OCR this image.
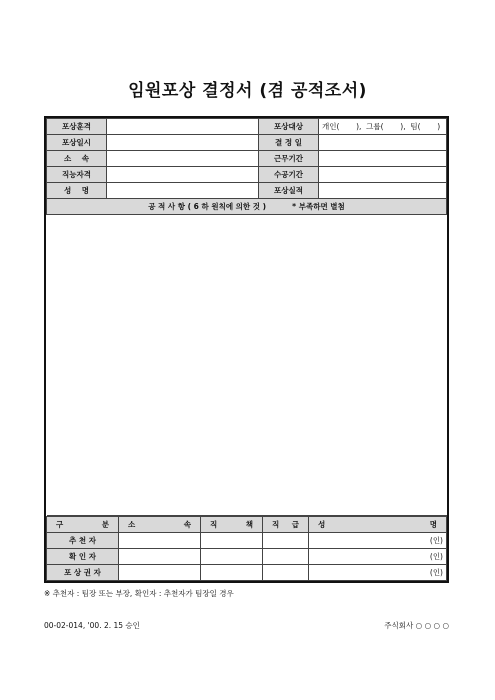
임원포상 결정서 (겸 공적조서)
포상훈격		포상대상	개인(       ),  그룹(       ),  팀(       )
포상일시		결 정 일	
소    속		근무기간	
직능자격		수공기간	
성    명		포상실적	
공 적 사 항 ( 6 하 원칙에 의한 것 )          * 부족하면 별첨			

구 분	소 속	직 책	직 급	성 명

추 천 자				(인)
확 인 자				(인)
포 상 권 자				(인)
※ 추천자 : 팀장 또는 부장, 확인자 : 추천자가 팀장일 경우
00-02-014, '00. 2. 15 승인	주식회사 ○ ○ ○ ○
